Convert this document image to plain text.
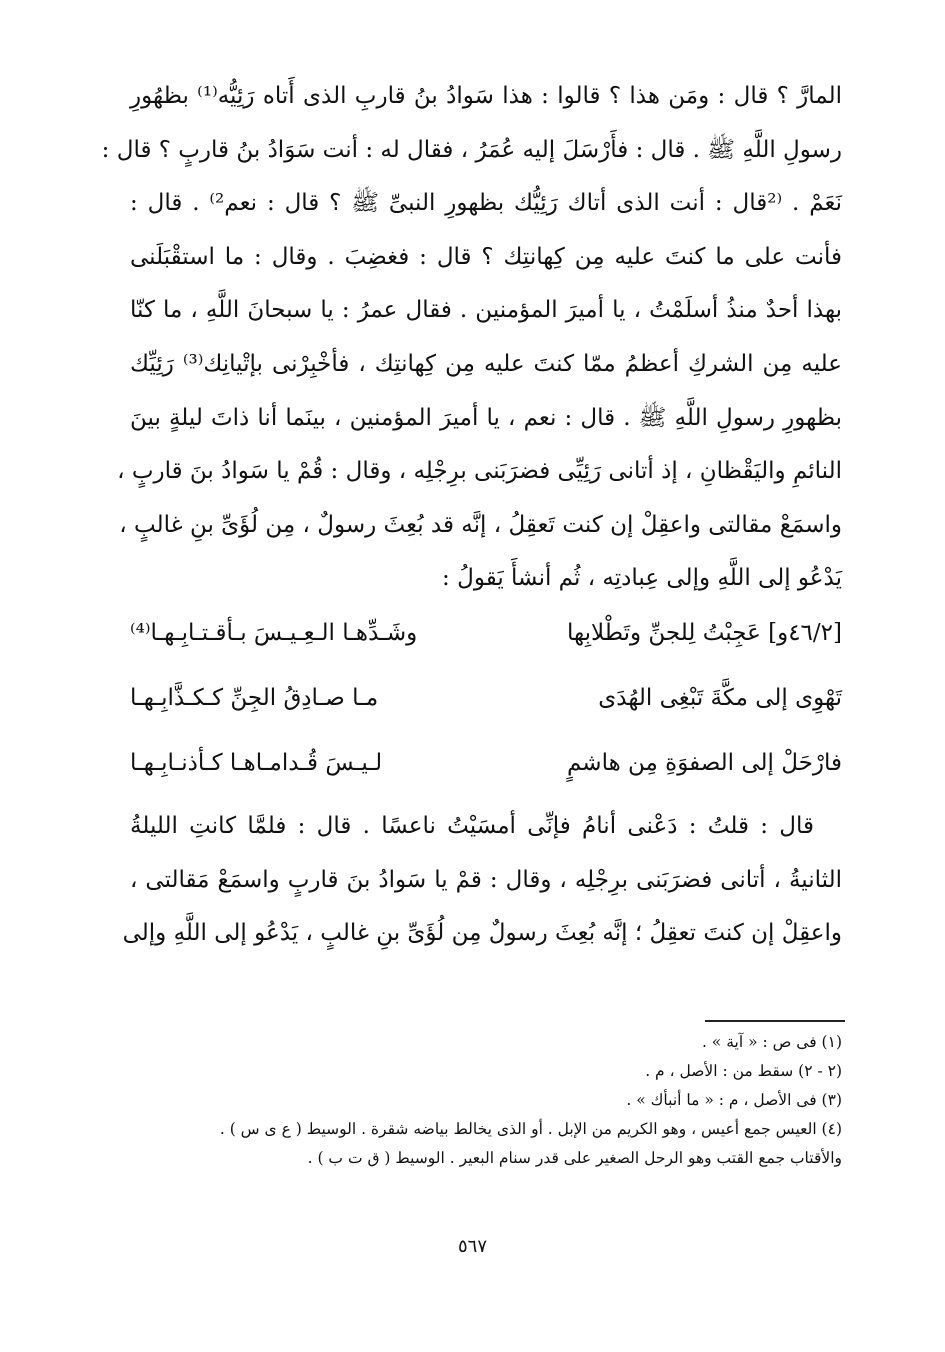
المارَّ ؟ قال : ومَن هذا ؟ قالوا : هذا سَوادُ بنُ قاربِ الذى أَتاه رَئِيُّه⁽¹⁾ بظهُورِ
رسولِ اللَّهِ ﷺ . قال : فأَرْسَلَ إليه عُمَرُ ، فقال له : أنت سَوَادُ بنُ قاربٍ ؟ قال :
نَعَمْ . ⁽²قال : أنت الذى أتاك رَئِيُّك بظهورِ النبىِّ ﷺ ؟ قال : نعم²⁾ . قال :
فأنت على ما كنتَ عليه مِن كِهانتِك ؟ قال : فغضِبَ . وقال : ما استقْبَلَنى
بهذا أحدٌ منذُ أسلَمْتُ ، يا أميرَ المؤمنين . فقال عمرُ : يا سبحانَ اللَّهِ ، ما كنّا
عليه مِن الشركِ أعظمُ ممّا كنتَ عليه مِن كِهانتِك ، فأخْبِرْنى بإتْيانِك⁽³⁾ رَئِيِّك
بظهورِ رسولِ اللَّهِ ﷺ . قال : نعم ، يا أميرَ المؤمنين ، بينَما أنا ذاتَ ليلةٍ بينَ
النائمِ واليَقْظانِ ، إذ أتانى رَئِيِّى فضرَبَنى برِجْلِه ، وقال : قُمْ يا سَوادُ بنَ قاربٍ ،
واسمَعْ مقالتى واعقِلْ إن كنت تَعقِلُ ، إنَّه قد بُعِثَ رسولٌ ، مِن لُؤَىِّ بنِ غالبٍ ،
يَدْعُو إلى اللَّهِ وإلى عِبادتِه ، ثُم أنشأَ يَقولُ :
[٤٦/٢و] عَجِبْتُ لِلجنِّ وتَطْلابِها
وشَـدِّهـا الـعِـيـسَ بـأقـتـابِـهـا⁽⁴⁾
تَهْوِى إلى مكَّةَ تَبْغِى الهُدَى
مـا صـادِقُ الجِنِّ كـكـذَّابِـهـا
فارْحَلْ إلى الصفوَةِ مِن هاشمٍ
لـيـسَ قُـدامـاهـا كـأذنـابِـهـا
قال : قلتُ : دَعْنى أنامُ فإنِّى أمسَيْتُ ناعسًا . قال : فلمَّا كانتِ الليلةُ
الثانيةُ ، أتانى فضرَبَنى برِجْلِه ، وقال : قمْ يا سَوادُ بنَ قاربٍ واسمَعْ مَقالتى ،
واعقِلْ إن كنتَ تعقِلُ ؛ إنَّه بُعِثَ رسولٌ مِن لُؤَىِّ بنِ غالبٍ ، يَدْعُو إلى اللَّهِ وإلى
(١) فى ص : « آية » .
(٢ - ٢) سقط من : الأصل ، م .
(٣) فى الأصل ، م : « ما أنبأك » .
(٤) العيس جمع أعيس ، وهو الكريم من الإبل . أو الذى يخالط بياضه شقرة . الوسيط ( ع ى س ) .
والأقتاب جمع القتب وهو الرحل الصغير على قدر سنام البعير . الوسيط ( ق ت ب ) .
٥٦٧
